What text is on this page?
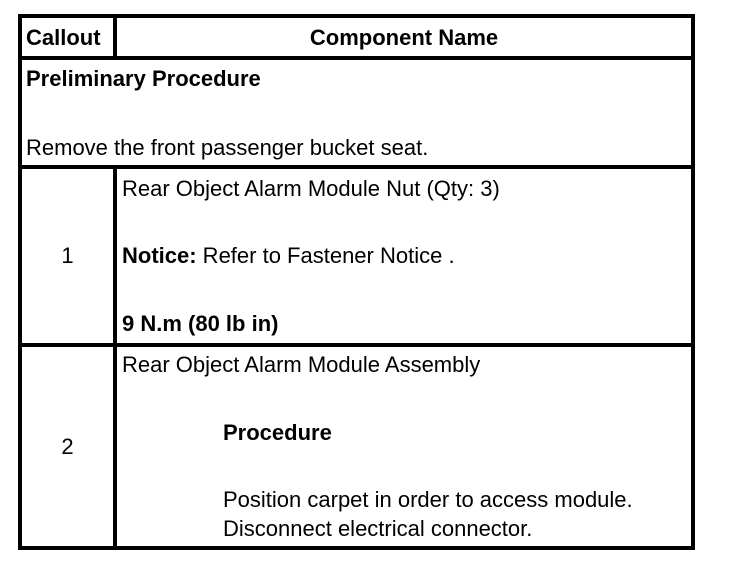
Callout	Component Name
Preliminary Procedure
Remove the front passenger bucket seat.
1
Rear Object Alarm Module Nut (Qty: 3)
Notice: Refer to Fastener Notice .
9 N.m (80 lb in)
2
Rear Object Alarm Module Assembly
Procedure
Position carpet in order to access module.
Disconnect electrical connector.
